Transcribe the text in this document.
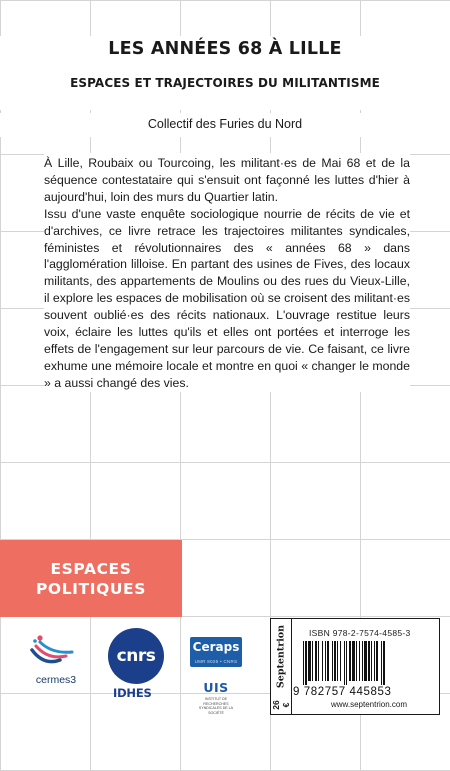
LES ANNÉES 68 À LILLE
ESPACES ET TRAJECTOIRES DU MILITANTISME
Collectif des Furies du Nord

À Lille, Roubaix ou Tourcoing, les militant·es de Mai 68 et de la séquence contestataire qui s'ensuit ont façonné les luttes d'hier à aujourd'hui, loin des murs du Quartier latin.

Issu d'une vaste enquête sociologique nourrie de récits de vie et d'archives, ce livre retrace les trajectoires militantes syndicales, féministes et révolutionnaires des « années 68 » dans l'agglomération lilloise. En partant des usines de Fives, des locaux militants, des appartements de Moulins ou des rues du Vieux-Lille, il explore les espaces de mobilisation où se croisent des militant·es souvent oublié·es des récits nationaux. L'ouvrage restitue leurs voix, éclaire les luttes qu'ils et elles ont portées et interroge les effets de l'engagement sur leur parcours de vie. Ce faisant, ce livre exhume une mémoire locale et montre en quoi « changer le monde » a aussi changé des vies.

ESPACES
POLITIQUES
cermes3
cnrs
IDHES
Ceraps
UMR 8026 • CNRS
UIS
INSTITUT DE RECHERCHES SYNDICALES DE LA SOCIÉTÉ
Septentrion
26 €
ISBN 978-2-7574-4585-3
9 782757 445853
www.septentrion.com
